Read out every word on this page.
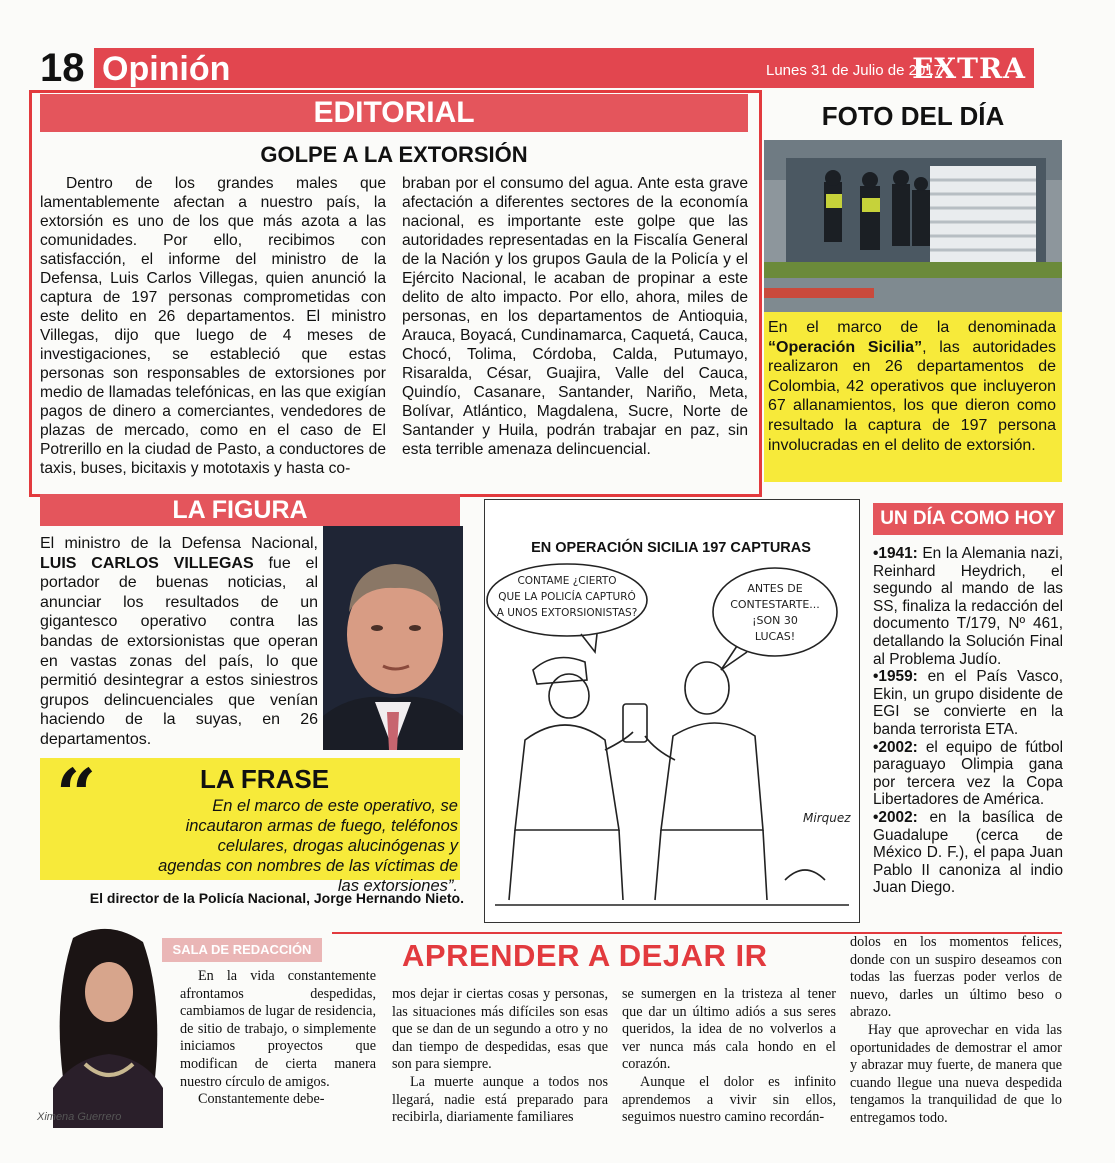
18 Opinión	Lunes 31 de Julio de 2017
EXTRA
EDITORIAL
GOLPE A LA EXTORSIÓN

Dentro de los grandes males que lamentablemente afectan a nuestro país, la extorsión es uno de los que más azota a las comunidades. Por ello, recibimos con satisfacción, el informe del ministro de la Defensa, Luis Carlos Villegas, quien anunció la captura de 197 personas comprometidas con este delito en 26 departamentos. El ministro Villegas, dijo que luego de 4 meses de investigaciones, se estableció que estas personas son responsables de extorsiones por medio de llamadas telefónicas, en las que exigían pagos de dinero a comerciantes, vendedores de plazas de mercado, como en el caso de El Potrerillo en la ciudad de Pasto, a conductores de taxis, buses, bicitaxis y mototaxis y hasta co-

braban por el consumo del agua. Ante esta grave afectación a diferentes sectores de la economía nacional, es importante este golpe que las autoridades representadas en la Fiscalía General de la Nación y los grupos Gaula de la Policía y el Ejército Nacional, le acaban de propinar a este delito de alto impacto. Por ello, ahora, miles de personas, en los departamentos de Antioquia, Arauca, Boyacá, Cundinamarca, Caquetá, Cauca, Chocó, Tolima, Córdoba, Calda, Putumayo, Risaralda, César, Guajira, Valle del Cauca, Quindío, Casanare, Santander, Nariño, Meta, Bolívar, Atlántico, Magdalena, Sucre, Norte de Santander y Huila, podrán trabajar en paz, sin esta terrible amenaza delincuencial.

FOTO DEL DÍA
En el marco de la denominada “Operación Sicilia”, las autoridades realizaron en 26 departamentos de Colombia, 42 operativos que incluyeron 67 allanamientos, los que dieron como resultado la captura de 197 persona involucradas en el delito de extorsión.
LA FIGURA
El ministro de la Defensa Nacional, LUIS CARLOS VILLEGAS fue el portador de buenas noticias, al anunciar los resultados de un gigantesco operativo contra las bandas de extorsionistas que operan en vastas zonas del país, lo que permitió desintegrar a estos siniestros grupos delincuenciales que venían haciendo de la suyas, en 26 departamentos.
“	LA FRASE
En el marco de este operativo, se incautaron armas de fuego, teléfonos celulares, drogas alucinógenas y agendas con nombres de las víctimas de las extorsiones”.
El director de la Policía Nacional, Jorge Hernando Nieto.
CONTAME ¿CIERTO
QUE LA POLICÍA CAPTURÓ
A UNOS EXTORSIONISTAS?
ANTES DE
CONTESTARTE...
¡SON 30
LUCAS!
Mirquez
EN OPERACIÓN SICILIA 197 CAPTURAS
UN DÍA COMO HOY
•1941: En la Alemania nazi, Reinhard Heydrich, el segundo al mando de las SS, finaliza la redacción del documento T/179, Nº 461, detallando la Solución Final al Problema Judío.
•1959: en el País Vasco, Ekin, un grupo disidente de EGI se convierte en la banda terrorista ETA.
•2002: el equipo de fútbol paraguayo Olimpia gana por tercera vez la Copa Libertadores de América.
•2002: en la basílica de Guadalupe (cerca de México D. F.), el papa Juan Pablo II canoniza al indio Juan Diego.
Ximena Guerrero
SALA DE REDACCIÓN	APRENDER A DEJAR IR

En la vida constantemente afrontamos despedidas, cambiamos de lugar de residencia, de sitio de trabajo, o simplemente iniciamos proyectos que modifican de cierta manera nuestro círculo de amigos.

Constantemente debe-

mos dejar ir ciertas cosas y personas, las situaciones más difíciles son esas que se dan de un segundo a otro y no dan tiempo de despedidas, esas que son para siempre.

La muerte aunque a todos nos llegará, nadie está preparado para recibirla, diariamente familiares

se sumergen en la tristeza al tener que dar un último adiós a sus seres queridos, la idea de no volverlos a ver nunca más cala hondo en el corazón.

Aunque el dolor es infinito aprendemos a vivir sin ellos, seguimos nuestro camino recordán-

dolos en los momentos felices, donde con un suspiro deseamos con todas las fuerzas poder verlos de nuevo, darles un último beso o abrazo.

Hay que aprovechar en vida las oportunidades de demostrar el amor y abrazar muy fuerte, de manera que cuando llegue una nueva despedida tengamos la tranquilidad de que lo entregamos todo.
